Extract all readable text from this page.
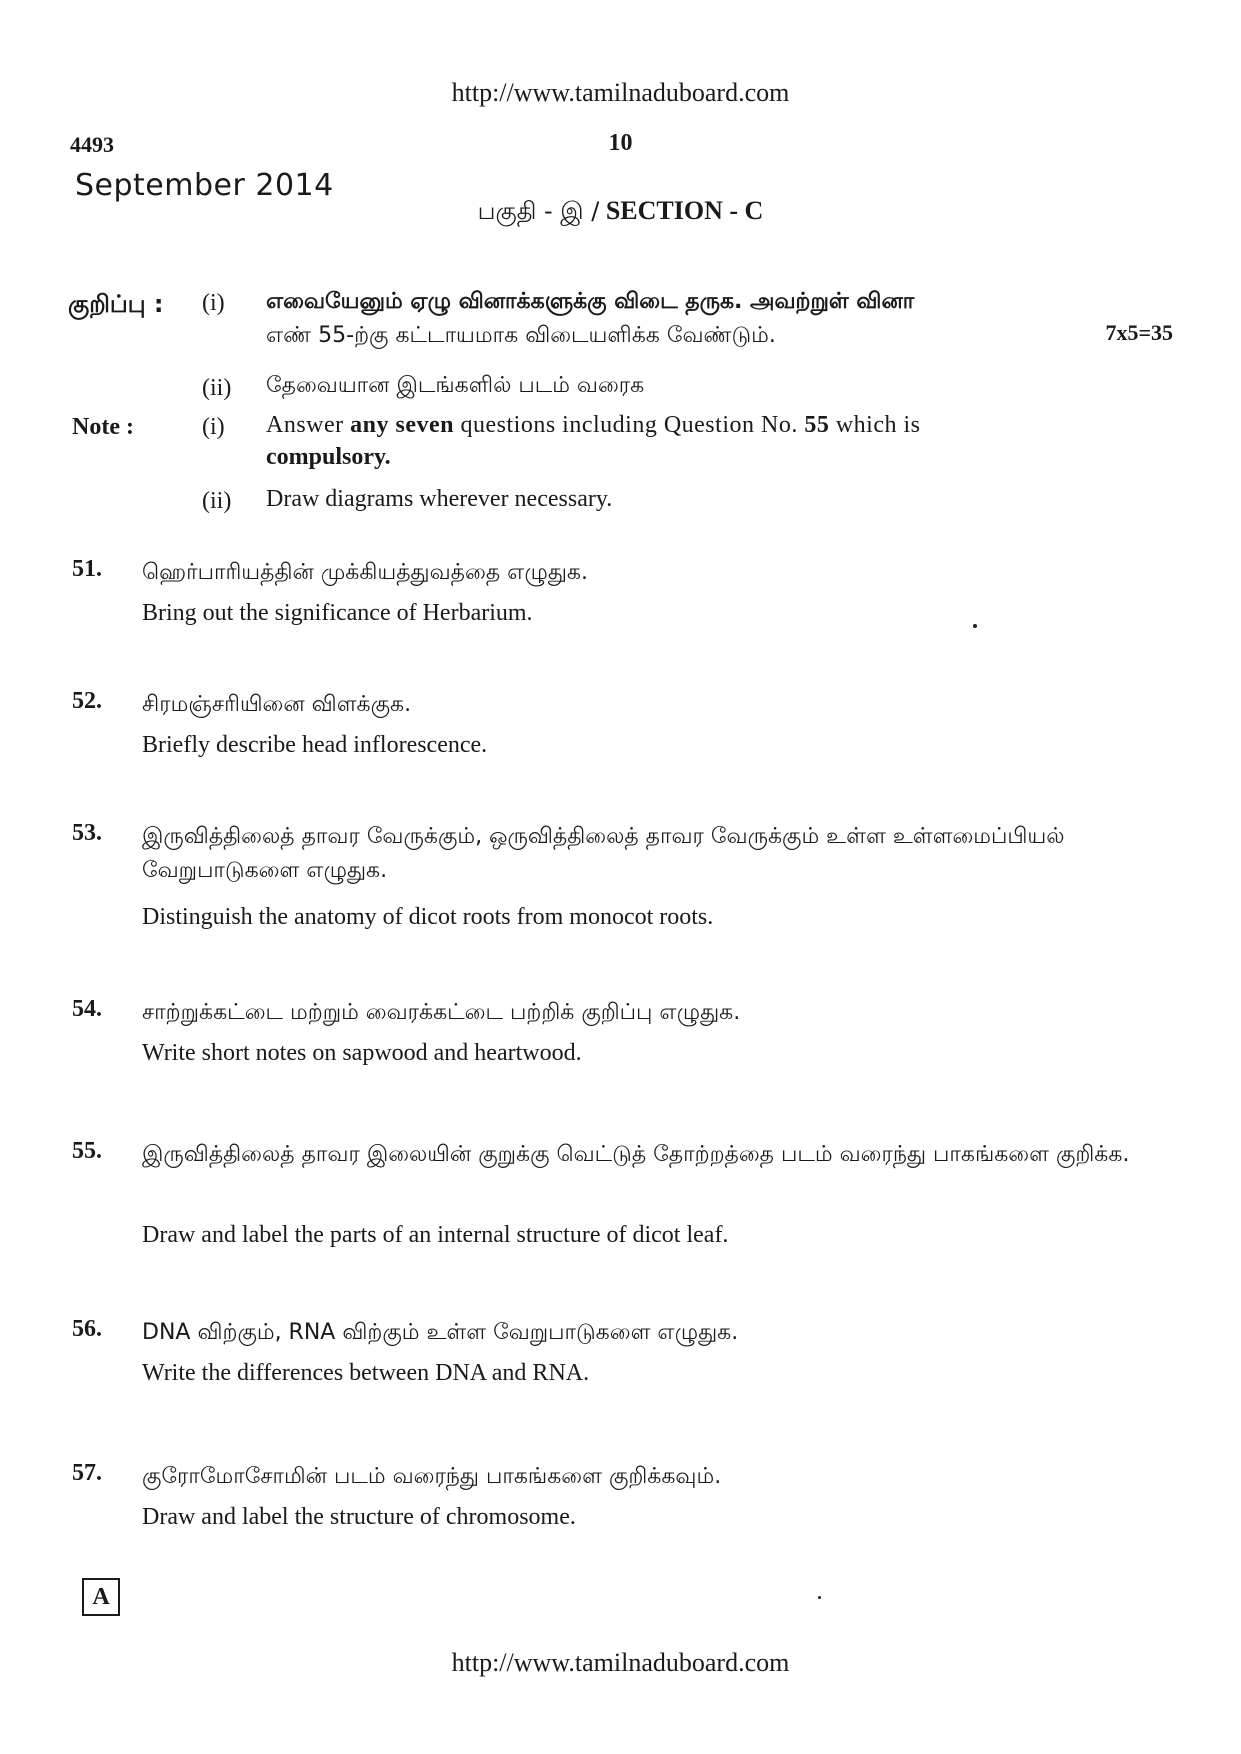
http://www.tamilnaduboard.com
4493	10
September 2014
பகுதி - இ / SECTION - C
குறிப்பு : (i) எவையேனும் ஏழு வினாக்களுக்கு விடை தருக. அவற்றுள் வினா
எண் 55-ற்கு கட்டாயமாக விடையளிக்க வேண்டும்.	7x5=35
(ii) தேவையான இடங்களில் படம் வரைக
Note :	(i) Answer any seven questions including Question No. 55 which is
compulsory.
(ii) Draw diagrams wherever necessary.
51. ஹெர்பாரியத்தின் முக்கியத்துவத்தை எழுதுக.
Bring out the significance of Herbarium.
52. சிரமஞ்சரியினை விளக்குக.
Briefly describe head inflorescence.
53. இருவித்திலைத் தாவர வேருக்கும், ஒருவித்திலைத் தாவர வேருக்கும் உள்ள உள்ளமைப்பியல் வேறுபாடுகளை எழுதுக.
Distinguish the anatomy of dicot roots from monocot roots.
54. சாற்றுக்கட்டை மற்றும் வைரக்கட்டை பற்றிக் குறிப்பு எழுதுக.
Write short notes on sapwood and heartwood.
55. இருவித்திலைத் தாவர இலையின் குறுக்கு வெட்டுத் தோற்றத்தை படம் வரைந்து பாகங்களை குறிக்க.
Draw and label the parts of an internal structure of dicot leaf.
56. DNA விற்கும், RNA விற்கும் உள்ள வேறுபாடுகளை எழுதுக.
Write the differences between DNA and RNA.
57. குரோமோசோமின் படம் வரைந்து பாகங்களை குறிக்கவும்.
Draw and label the structure of chromosome.
A
http://www.tamilnaduboard.com
